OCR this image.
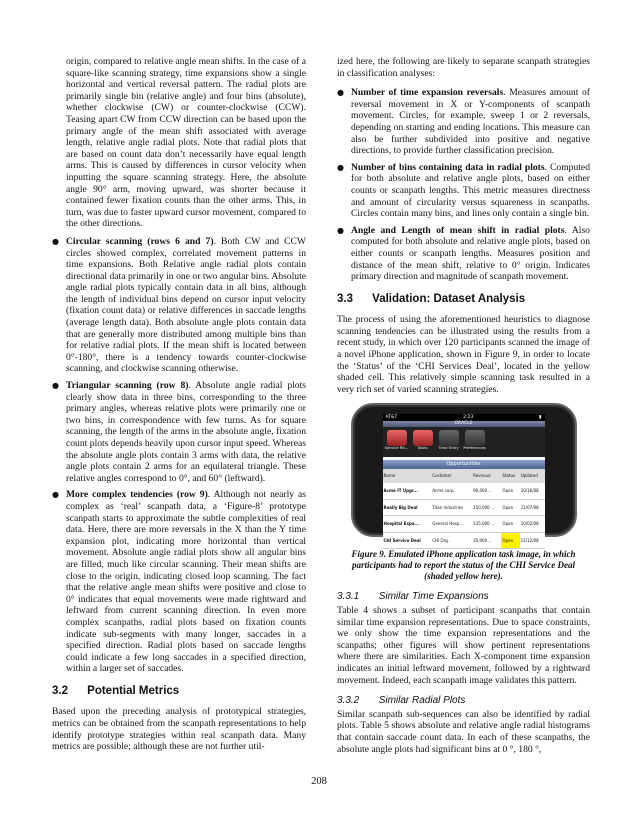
origin, compared to relative angle mean shifts. In the case of a square-like scanning strategy, time expansions show a single horizontal and vertical reversal pattern. The radial plots are primarily single bin (relative angle) and four bins (absolute), whether clockwise (CW) or counter-clockwise (CCW). Teasing apart CW from CCW direction can be based upon the primary angle of the mean shift associated with average length, relative angle radial plots. Note that radial plots that are based on count data don’t necessarily have equal length arms. This is caused by differences in cursor velocity when inputting the square scanning strategy. Here, the absolute angle 90° arm, moving upward, was shorter because it contained fewer fixation counts than the other arms. This, in turn, was due to faster upward cursor movement, compared to the other directions.

● Circular scanning (rows 6 and 7). Both CW and CCW circles showed complex, correlated movement patterns in time expansions. Both Relative angle radial plots contain directional data primarily in one or two angular bins. Absolute angle radial plots typically contain data in all bins, although the length of individual bins depend on cursor input velocity (fixation count data) or relative differences in saccade lengths (average length data). Both absolute angle plots contain data that are generally more distributed among multiple bins than for relative radial plots. If the mean shift is located between 0°-180°, there is a tendency towards counter-clockwise scanning, and clockwise scanning otherwise.
● Triangular scanning (row 8). Absolute angle radial plots clearly show data in three bins, corresponding to the three primary angles, whereas relative plots were primarily one or two bins, in correspondence with few turns. As for square scanning, the length of the arms in the absolute angle, fixation count plots depends heavily upon cursor input speed. Whereas the absolute angle plots contain 3 arms with data, the relative angle plots contain 2 arms for an equilateral triangle. These relative angles correspond to 0°, and 60° (leftward).
● More complex tendencies (row 9). Although not nearly as complex as ‘real’ scanpath data, a ‘Figure-8’ prototype scanpath starts to approximate the subtle complexities of real data. Here, there are more reversals in the X than the Y time expansion plot, indicating more horizontal than vertical movement. Absolute angle radial plots show all angular bins are filled, much like circular scanning. Their mean shifts are close to the origin, indicating closed loop scanning. The fact that the relative angle mean shifts were positive and close to 0° indicates that equal movements were made rightward and leftward from current scanning direction. In even more complex scanpaths, radial plots based on fixation counts indicate sub-segments with many longer, saccades in a specified direction. Radial plots based on saccade lengths could indicate a few long saccades in a specified direction, within a larger set of saccades.
3.2      Potential Metrics

Based upon the preceding analysis of prototypical strategies, metrics can be obtained from the scanpath representations to help identify prototype strategies within real scanpath data. Many metrics are possible; although these are not further util-

ized here, the following are likely to separate scanpath strategies in classification analyses:

● Number of time expansion reversals. Measures amount of reversal movement in X or Y-components of scanpath movement. Circles, for example, sweep 1 or 2 reversals, depending on starting and ending locations. This measure can also be further subdivided into positive and negative directions, to provide further classification precision.
● Number of bins containing data in radial plots. Computed for both absolute and relative angle plots, based on either counts or scanpath lengths. This metric measures directness and amount of circularity versus squareness in scanpaths. Circles contain many bins, and lines only contain a single bin.
● Angle and Length of mean shift in radial plots. Also computed for both absolute and relative angle plots, based on either counts or scanpath lengths. Measures position and distance of the mean shift, relative to 0° origin. Indicates primary direction and magnitude of scanpath movement.
3.3      Validation: Dataset Analysis

The process of using the aforementioned heuristics to diagnose scanning tendencies can be illustrated using the results from a recent study, in which over 120 participants scanned the image of a novel iPhone application, shown in Figure 9, in order to locate the ‘Status’ of the ‘CHI Services Deal’, located in the yellow shaded cell. This relatively simple scanning task resulted in a very rich set of varied scanning strategies.

AT&T	2:23	▮
ORACLE
Service Re...	Tasks	Time Entry	Preferences
Opportunities
Name	Customer	Revenue	Status	Updated
Acme IT Upgr...	Acme corp.	90,000 ...	Open	10/16/08
Really Big Deal	Titan Industries	150,000 ...	Open	11/07/08
Hospital Expa...	General Hosp...	135,000 ...	Open	10/02/08
CHI Service Deal	CHI Org.	35,000 ...	Open	11/12/08
Figure 9. Emulated iPhone application task image, in which participants had to report the status of the CHI Service Deal (shaded yellow here).
3.3.1       Similar Time Expansions

Table 4 shows a subset of participant scanpaths that contain similar time expansion representations. Due to space constraints, we only show the time expansion representations and the scanpaths; other figures will show pertinent representations where there are similarities. Each X-component time expansion indicates an initial leftward movement, followed by a rightward movement. Indeed, each scanpath image validates this pattern.

3.3.2       Similar Radial Plots

Similar scanpath sub-sequences can also be identified by radial plots. Table 5 shows absolute and relative angle radial histograms that contain saccade count data. In each of these scanpaths, the absolute angle plots had significant bins at 0 °, 180 °,

208
